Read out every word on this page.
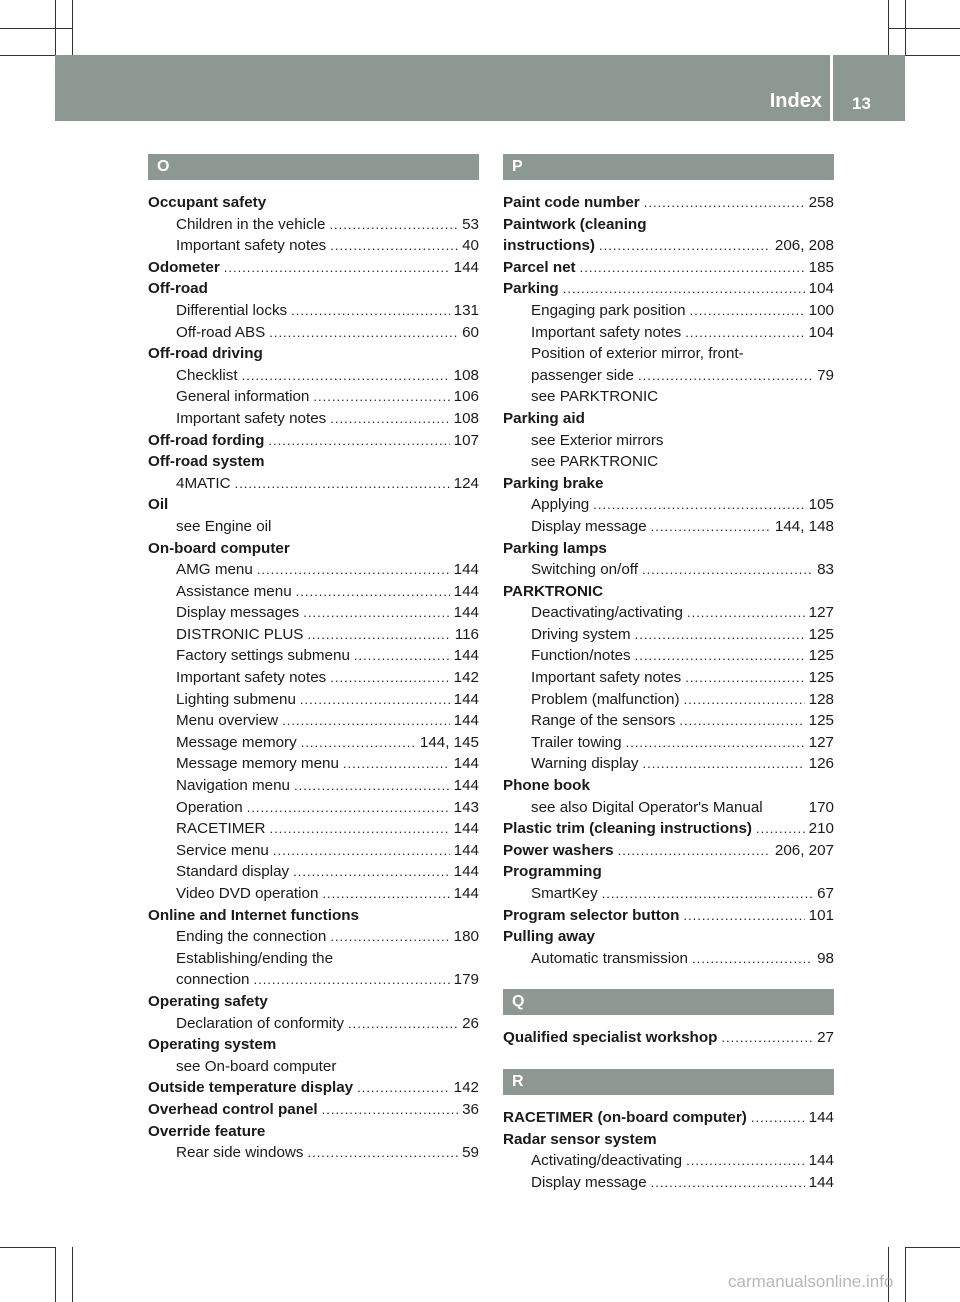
Index 13
O
Occupant safety
Children in the vehicle .....	53
Important safety notes .....	40
Odometer .....	144
Off-road
Differential locks .....	131
Off-road ABS .....	60
Off-road driving
Checklist .....	108
General information .....	106
Important safety notes .....	108
Off-road fording .....	107
Off-road system
4MATIC .....	124
Oil
see Engine oil
On-board computer
AMG menu .....	144
Assistance menu .....	144
Display messages .....	144
DISTRONIC PLUS .....	116
Factory settings submenu .....	144
Important safety notes .....	142
Lighting submenu .....	144
Menu overview .....	144
Message memory .....	144, 145
Message memory menu .....	144
Navigation menu .....	144
Operation .....	143
RACETIMER .....	144
Service menu .....	144
Standard display .....	144
Video DVD operation .....	144
Online and Internet functions
Ending the connection .....	180
Establishing/ending the
connection .....	179
Operating safety
Declaration of conformity .....	26
Operating system
see On-board computer
Outside temperature display .....	142
Overhead control panel .....	36
Override feature
Rear side windows .....	59
P
Paint code number .....	258
Paintwork (cleaning
instructions) .....	206, 208
Parcel net .....	185
Parking .....	104
Engaging park position .....	100
Important safety notes .....	104
Position of exterior mirror, front-
passenger side .....	79
see PARKTRONIC
Parking aid
see Exterior mirrors
see PARKTRONIC
Parking brake
Applying .....	105
Display message .....	144, 148
Parking lamps
Switching on/off .....	83
PARKTRONIC
Deactivating/activating .....	127
Driving system .....	125
Function/notes .....	125
Important safety notes .....	125
Problem (malfunction) .....	128
Range of the sensors .....	125
Trailer towing .....	127
Warning display .....	126
Phone book
see also Digital Operator's Manual	170
Plastic trim (cleaning instructions) .....	210
Power washers .....	206, 207
Programming
SmartKey .....	67
Program selector button .....	101
Pulling away
Automatic transmission .....	98
Q
Qualified specialist workshop .....	27
R
RACETIMER (on-board computer) .....	144
Radar sensor system
Activating/deactivating .....	144
Display message .....	144
carmanualsonline.info
